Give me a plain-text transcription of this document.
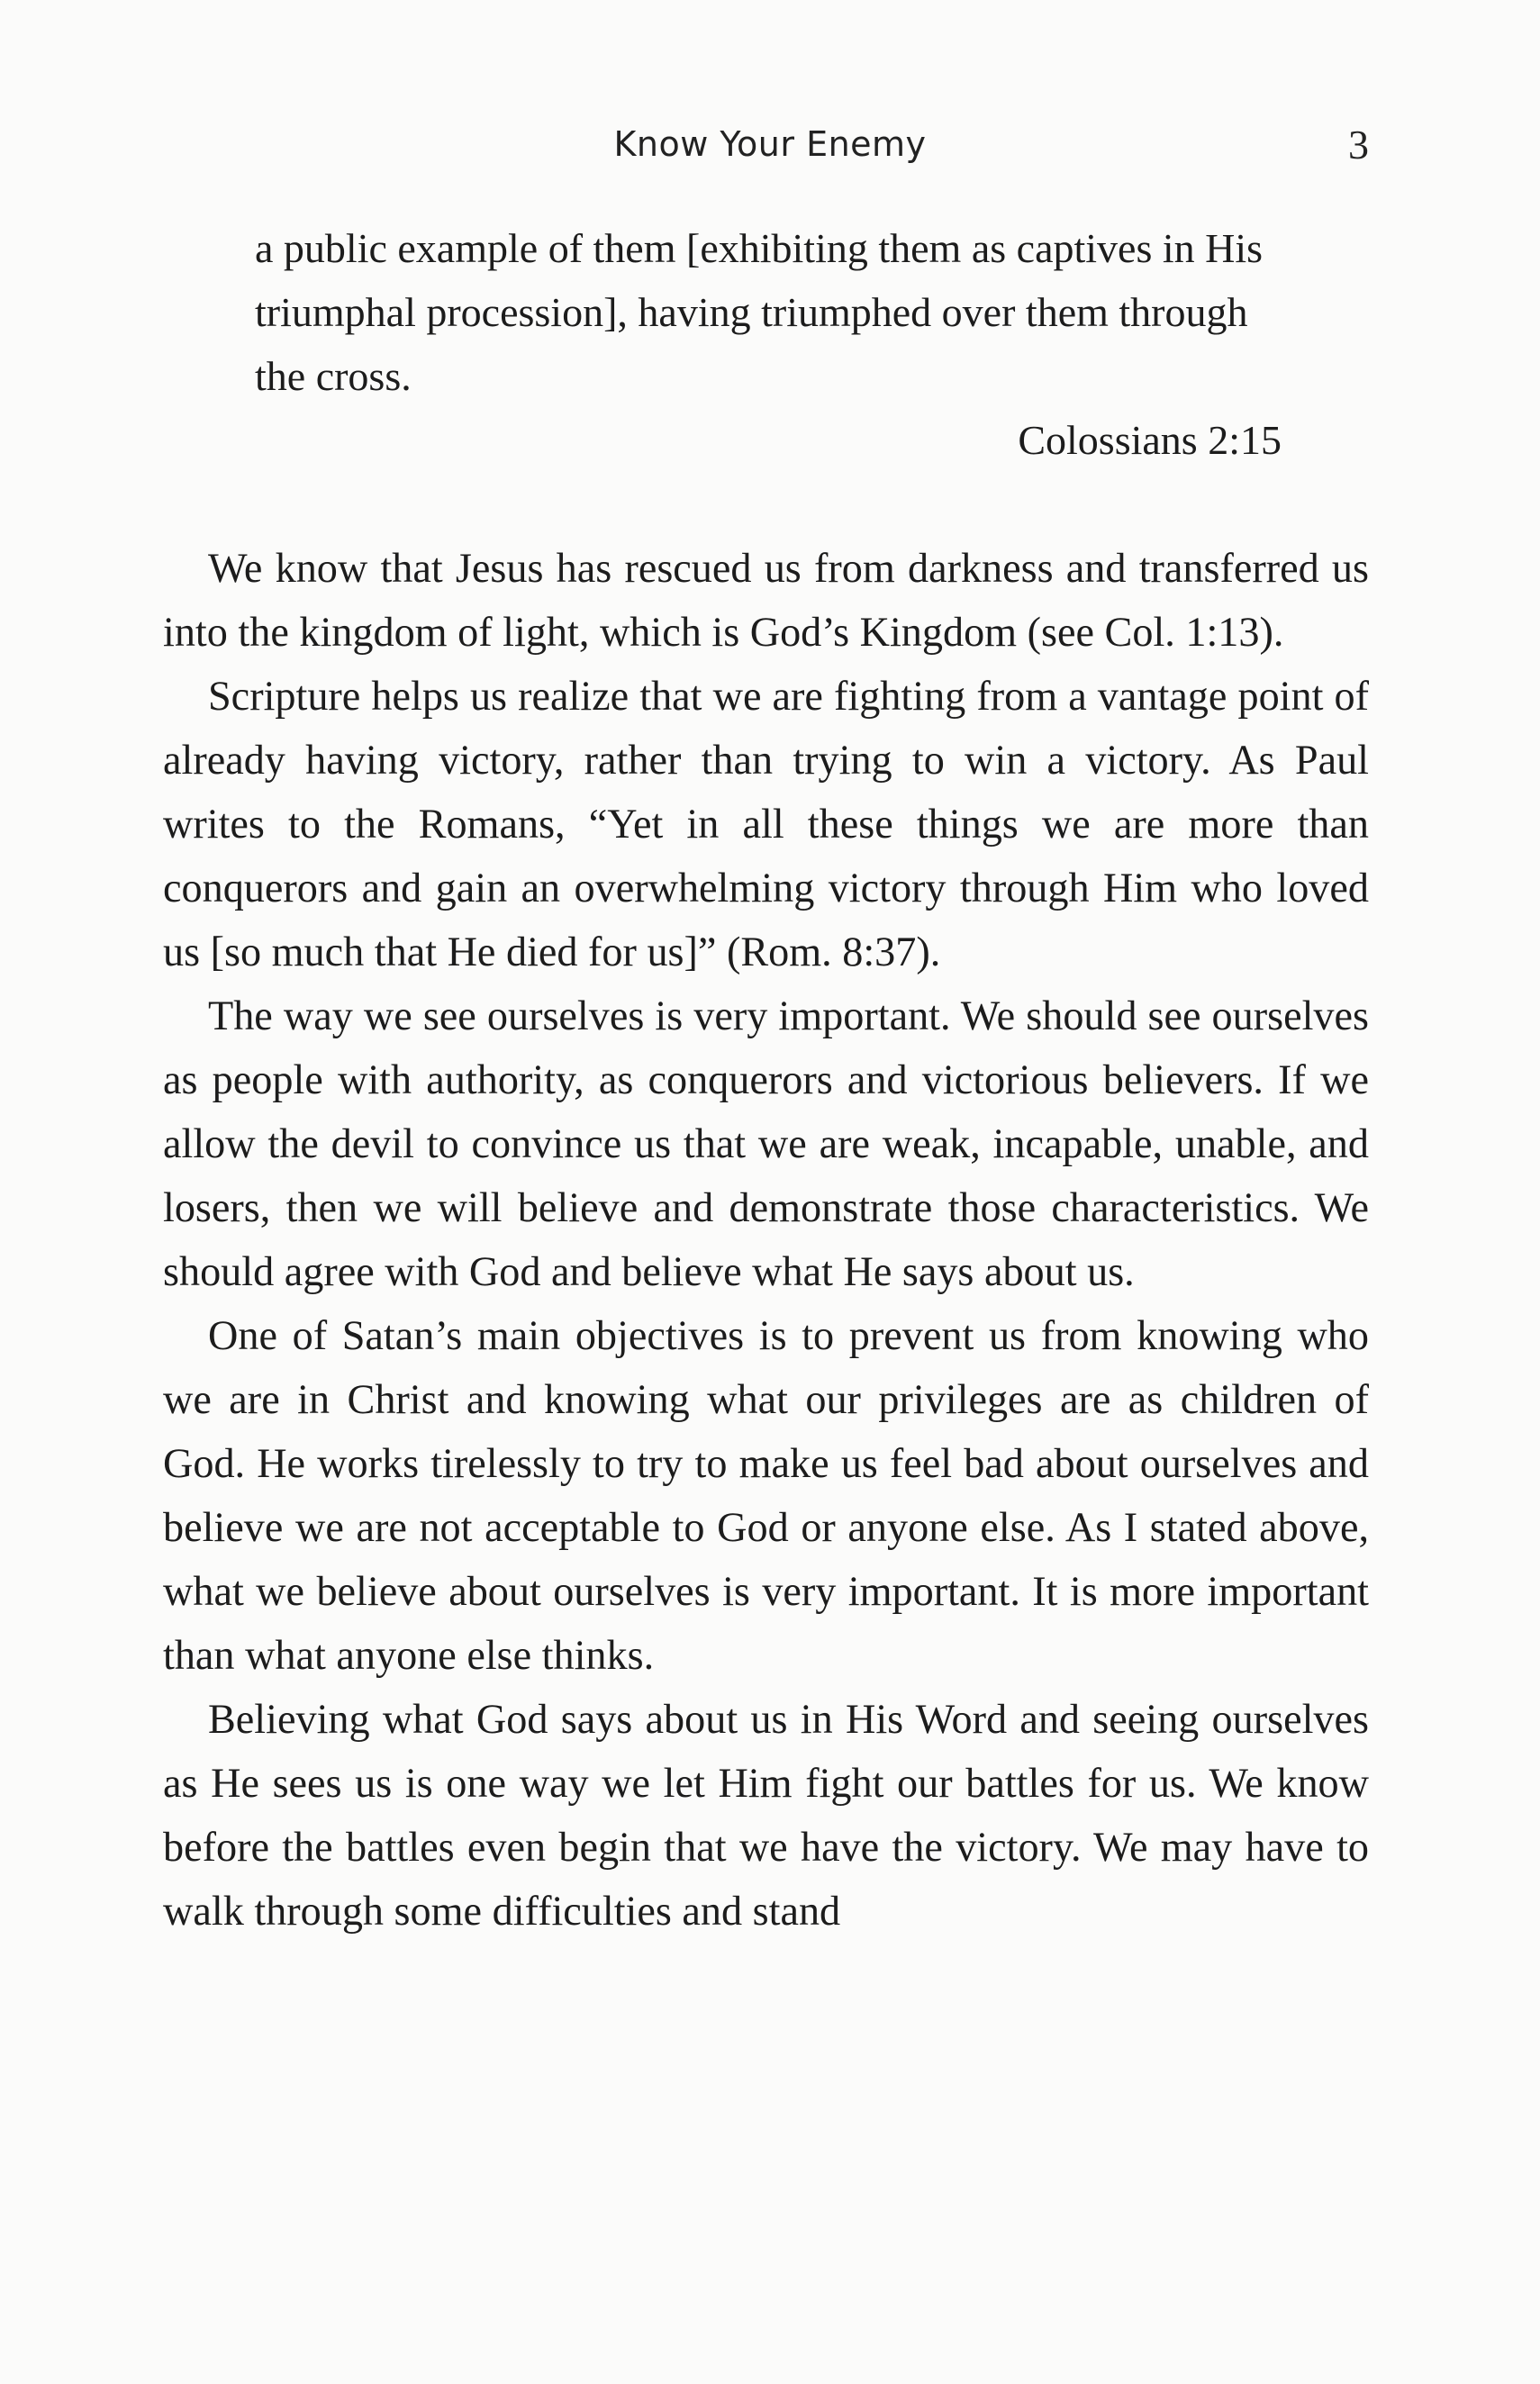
Know Your Enemy	3

a public example of them [exhibiting them as captives in His triumphal procession], having triumphed over them through the cross.

Colossians 2:15

We know that Jesus has rescued us from darkness and transferred us into the kingdom of light, which is God’s Kingdom (see Col. 1:13).

Scripture helps us realize that we are fighting from a vantage point of already having victory, rather than trying to win a victory. As Paul writes to the Romans, “Yet in all these things we are more than conquerors and gain an overwhelming victory through Him who loved us [so much that He died for us]” (Rom. 8:37).

The way we see ourselves is very important. We should see ourselves as people with authority, as conquerors and victorious believers. If we allow the devil to convince us that we are weak, incapable, unable, and losers, then we will believe and demonstrate those characteristics. We should agree with God and believe what He says about us.

One of Satan’s main objectives is to prevent us from knowing who we are in Christ and knowing what our privileges are as children of God. He works tirelessly to try to make us feel bad about ourselves and believe we are not acceptable to God or anyone else. As I stated above, what we believe about ourselves is very important. It is more important than what anyone else thinks.

Believing what God says about us in His Word and seeing ourselves as He sees us is one way we let Him fight our battles for us. We know before the battles even begin that we have the victory. We may have to walk through some difficulties and stand
